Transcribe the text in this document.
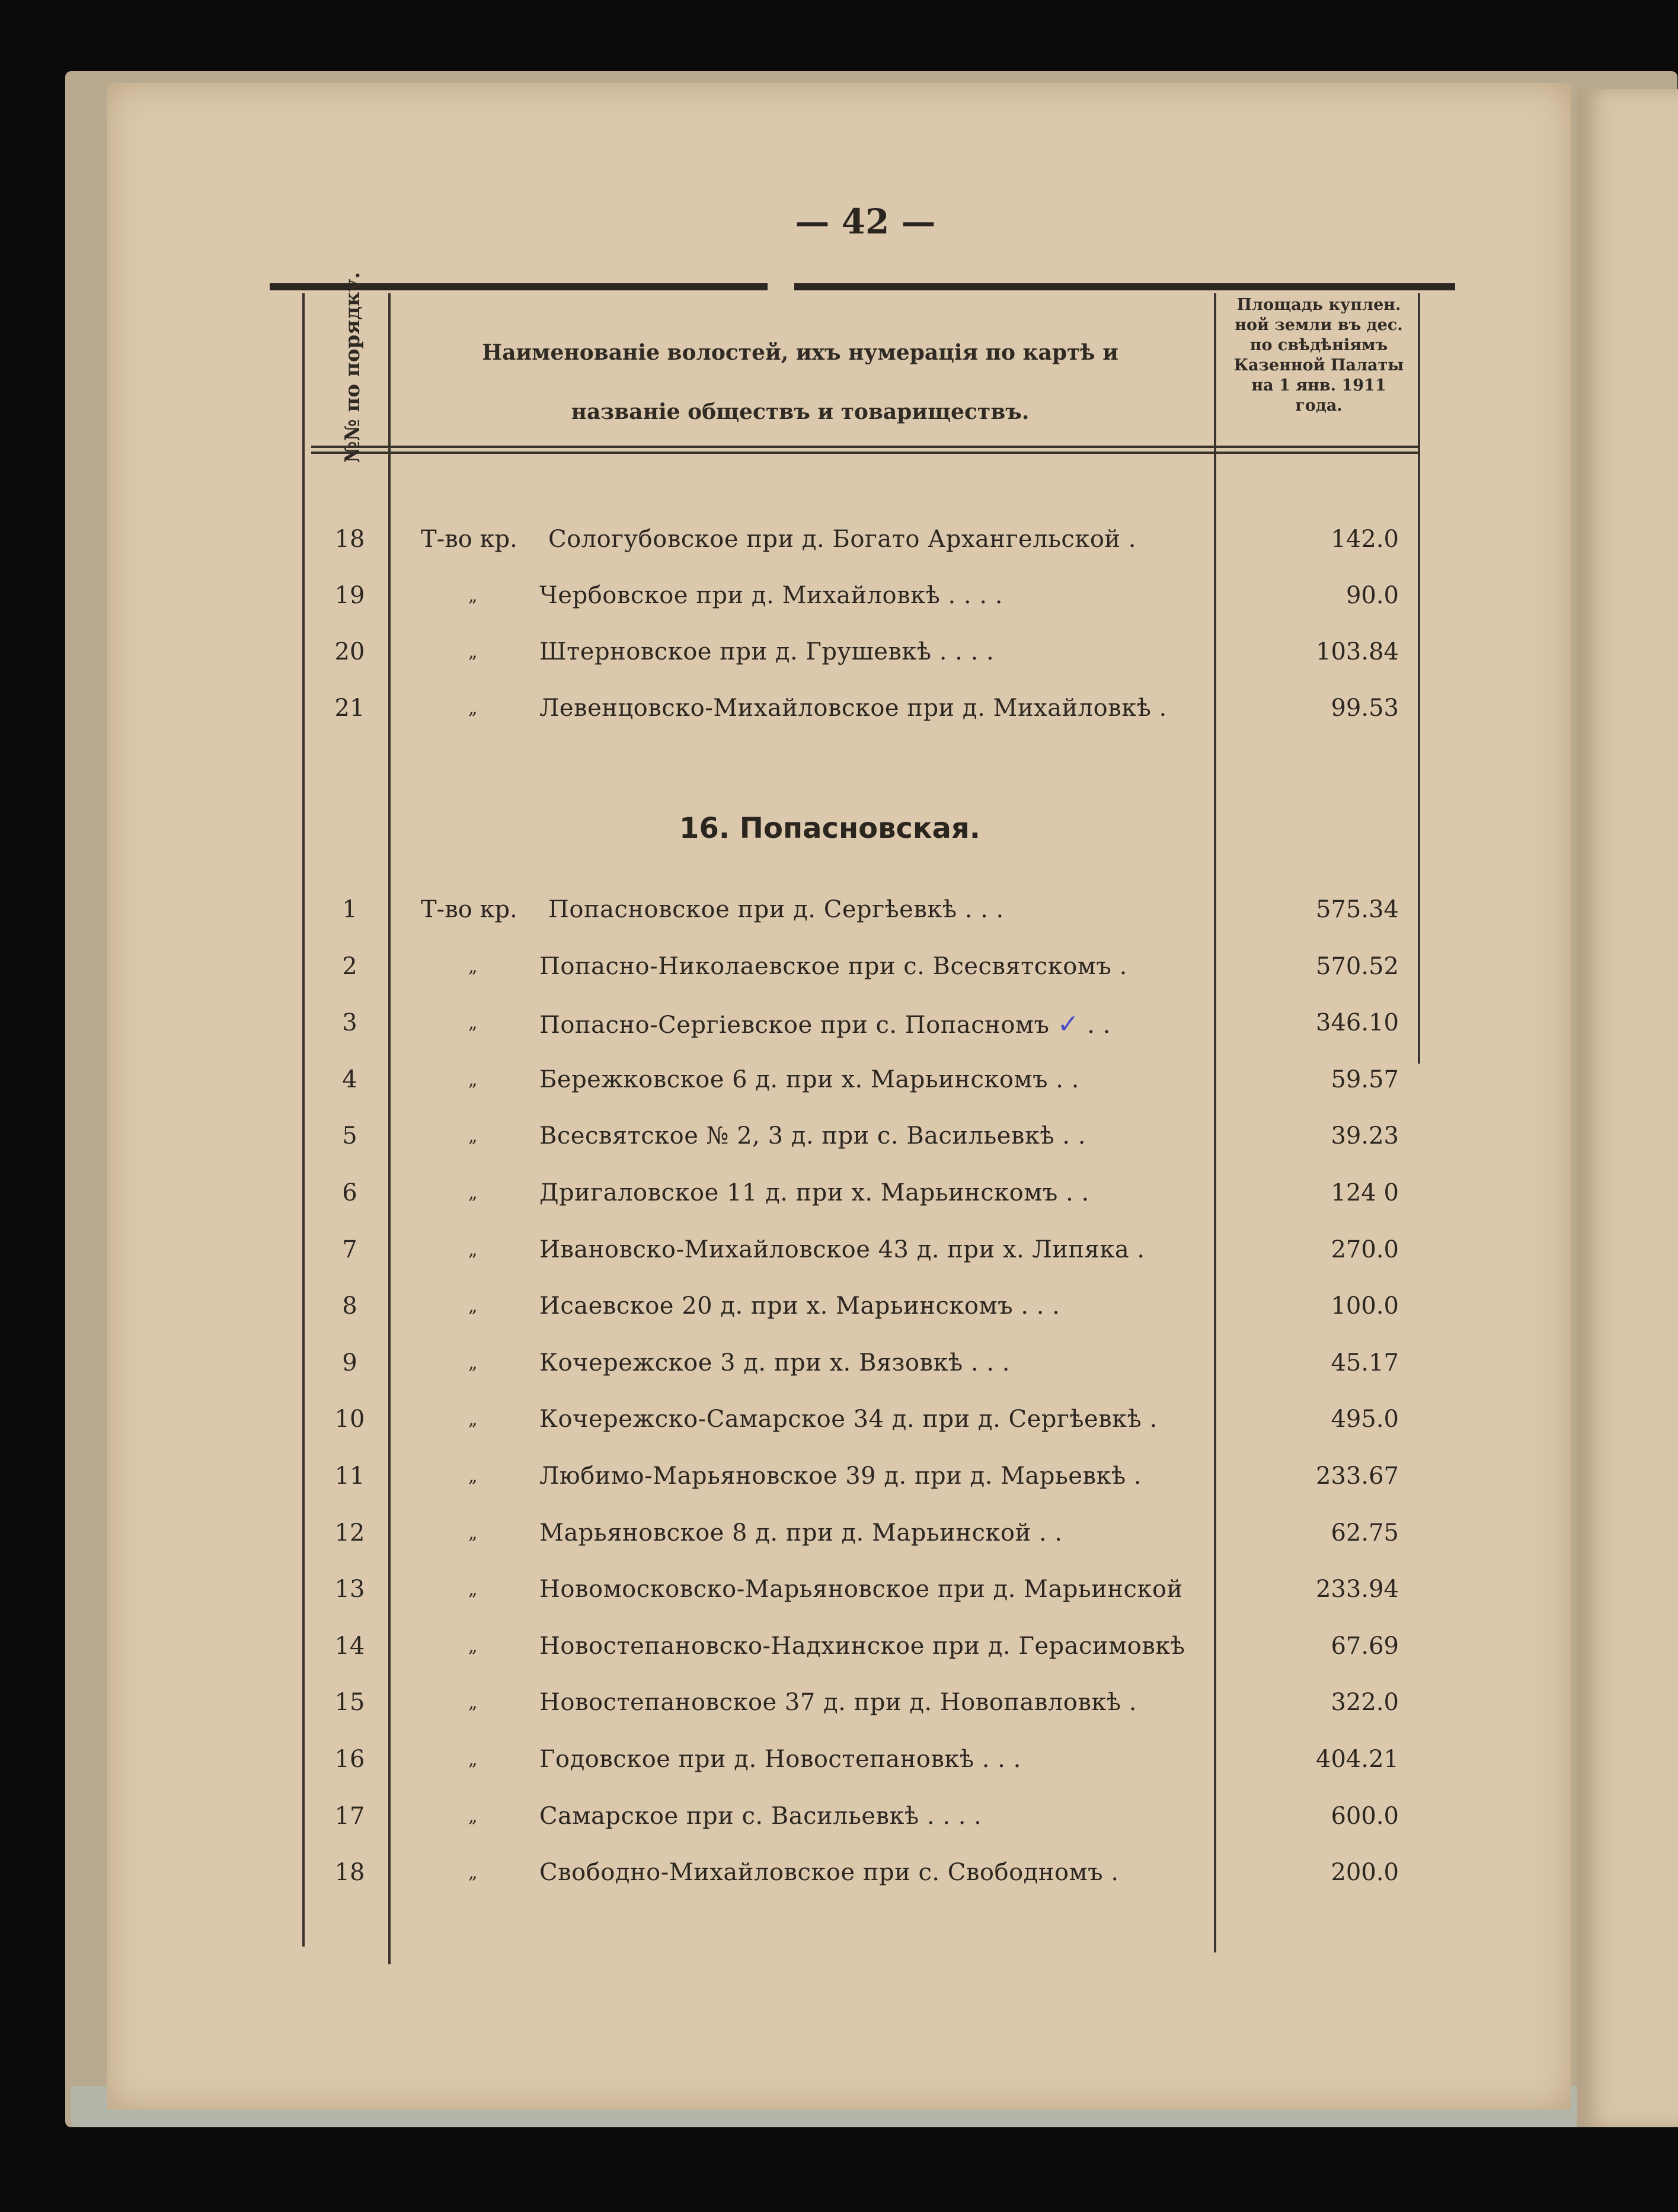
— 42 —
№№ по порядку.	Наименованіе волостей, ихъ нумерація по картѣ и
названіе обществъ и товариществъ.
Площадь куплен.
ной земли въ дес.
по свѣдѣніямъ
Казенной Палаты
на 1 янв. 1911
года.
18	Т-во кр. Сологубовское при д. Богато Архангельской .	142.0
19	„	Чербовское при д. Михайловкѣ . . . .	90.0
20	„	Штерновское при д. Грушевкѣ . . . .	103.84
21	„	Левенцовско-Михайловское при д. Михайловкѣ .	99.53
16. Попасновская.
1	Т-во кр. Попасновское при д. Сергѣевкѣ . . .	575.34
2	„	Попасно-Николаевское при с. Всесвятскомъ .	570.52
3	„	Попасно-Сергіевское при с. Попасномъ ✓ . .	346.10
4	„	Бережковское 6 д. при х. Марьинскомъ . .	59.57
5	„	Всесвятское № 2, 3 д. при с. Васильевкѣ . .	39.23
6	„	Дригаловское 11 д. при х. Марьинскомъ . .	124 0
7	„	Ивановско-Михайловское 43 д. при х. Липяка .	270.0
8	„	Исаевское 20 д. при х. Марьинскомъ . . .	100.0
9	„	Кочережское 3 д. при х. Вязовкѣ . . .	45.17
10	„	Кочережско-Самарское 34 д. при д. Сергѣевкѣ .	495.0
11	„	Любимо-Марьяновское 39 д. при д. Марьевкѣ .	233.67
12	„	Марьяновское 8 д. при д. Марьинской . .	62.75
13	„	Новомосковско-Марьяновское при д. Марьинской	233.94
14	„	Новостепановско-Надхинское при д. Герасимовкѣ	67.69
15	„	Новостепановское 37 д. при д. Новопавловкѣ .	322.0
16	„	Годовское при д. Новостепановкѣ . . .	404.21
17	„	Самарское при с. Васильевкѣ . . . .	600.0
18	„	Свободно-Михайловское при с. Свободномъ .	200.0
